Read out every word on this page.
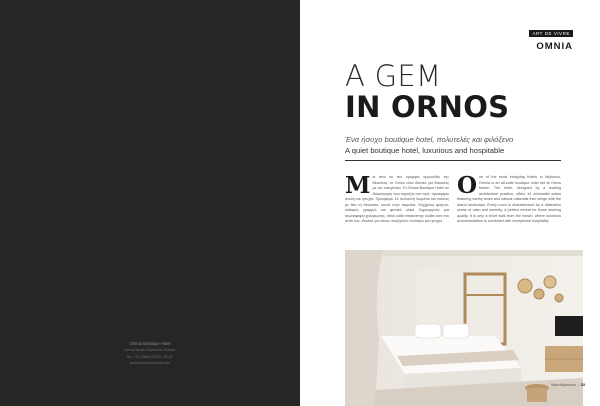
Omnia Boutique Hotel
Ornos Beach, Mykonos, Greece
tel: +30 22890 25123, 25121
www.omniamykonos.com
ART DE VIVRE
OMNIA
A GEM
IN ORNOS
Ένα ήσυχο boutique hotel, πολυτελές και φιλόξενο
A quiet boutique hotel, luxurious and hospitable
Μια από τις πιο όμορφες αμμουδιές της Μυκόνου, το Ornos είναι ιδανικό για διακοπές με την οικογένεια. Το Omnia Boutique Hotel σε διακόσμηση που ταιριάζει στο νησί, προσφέρει άνεση και ησυχία. Προσφέρει 14 πολυτελή δωμάτια και σουίτες με θέα τη θάλασσα, κοντά στην παραλία. Σύγχρονο φαγητό, καθαρές γραμμές και φυσικά υλικά δημιουργούν μια ατμόσφαιρα χαλάρωσης, όπου κάθε επισκέπτης νιώθει σαν στο σπίτι του. Ιδανικό για όσους αναζητούν ποιότητα και ησυχία.
One of the most intriguing hotels in Mykonos, Omnia is an all-suite boutique hotel set at Ornos beach. The hotel, designed by a leading architecture practice, offers 14 minimalist suites featuring earthy tones and natural materials that merge with the island landscape. Every room is characterised by a distinctive sense of calm and serenity, a perfect retreat for those seeking quality. It is only a short walk from the beach, where luxurious accommodation is combined with exceptional hospitality.
SalonMykonos | 33
